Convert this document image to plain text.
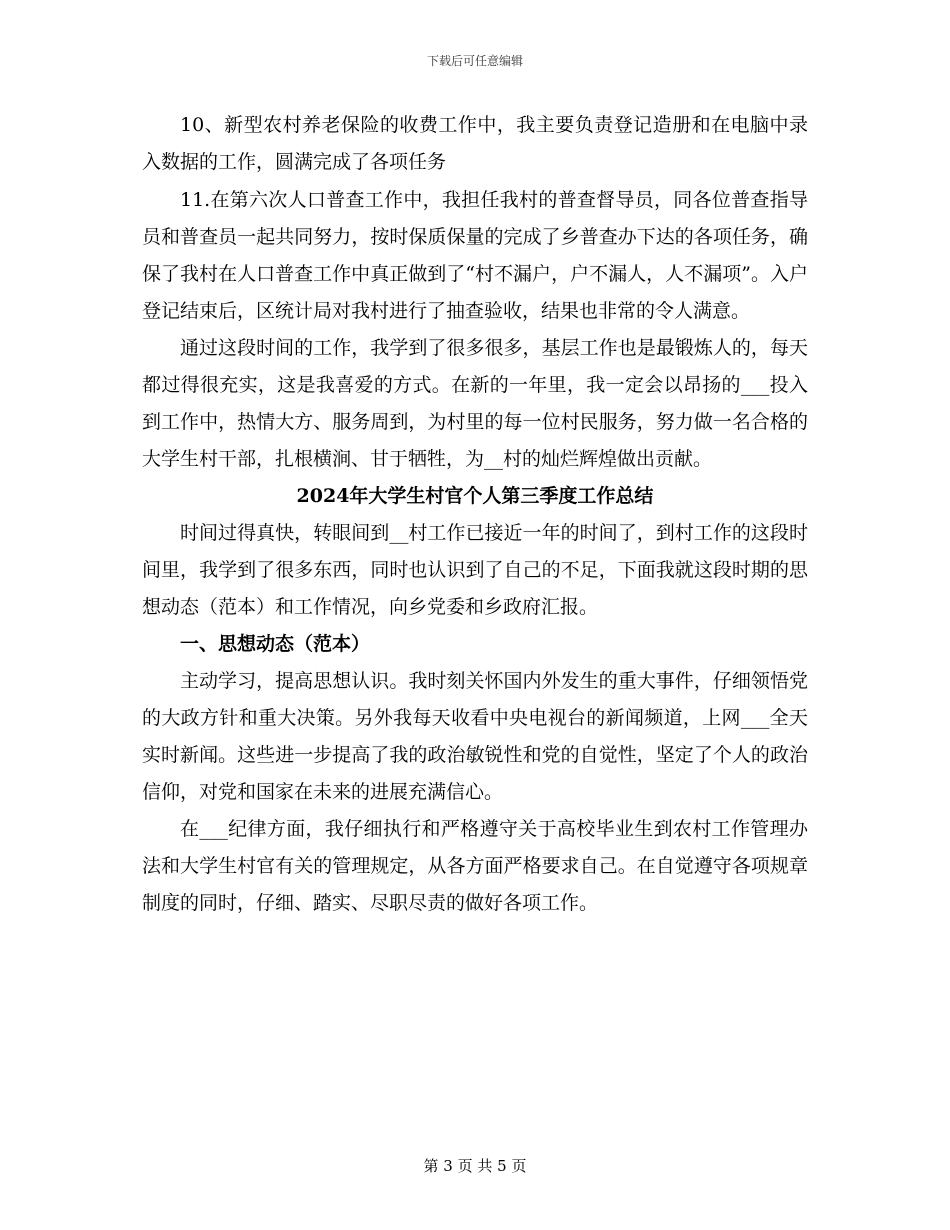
下载后可任意编辑

10、新型农村养老保险的收费工作中，我主要负责登记造册和在电脑中录入数据的工作，圆满完成了各项任务

11.在第六次人口普查工作中，我担任我村的普查督导员，同各位普查指导员和普查员一起共同努力，按时保质保量的完成了乡普查办下达的各项任务，确保了我村在人口普查工作中真正做到了“村不漏户，户不漏人，人不漏项”。入户登记结束后，区统计局对我村进行了抽查验收，结果也非常的令人满意。

通过这段时间的工作，我学到了很多很多，基层工作也是最锻炼人的，每天都过得很充实，这是我喜爱的方式。在新的一年里，我一定会以昂扬的___投入到工作中，热情大方、服务周到，为村里的每一位村民服务，努力做一名合格的大学生村干部，扎根横涧、甘于牺牲，为__村的灿烂辉煌做出贡献。

2024年大学生村官个人第三季度工作总结

时间过得真快，转眼间到__村工作已接近一年的时间了，到村工作的这段时间里，我学到了很多东西，同时也认识到了自己的不足，下面我就这段时期的思想动态（范本）和工作情况，向乡党委和乡政府汇报。

一、思想动态（范本）

主动学习，提高思想认识。我时刻关怀国内外发生的重大事件，仔细领悟党的大政方针和重大决策。另外我每天收看中央电视台的新闻频道，上网___全天实时新闻。这些进一步提高了我的政治敏锐性和党的自觉性，坚定了个人的政治信仰，对党和国家在未来的进展充满信心。

在___纪律方面，我仔细执行和严格遵守关于高校毕业生到农村工作管理办法和大学生村官有关的管理规定，从各方面严格要求自己。在自觉遵守各项规章制度的同时，仔细、踏实、尽职尽责的做好各项工作。

第 3 页 共 5 页
